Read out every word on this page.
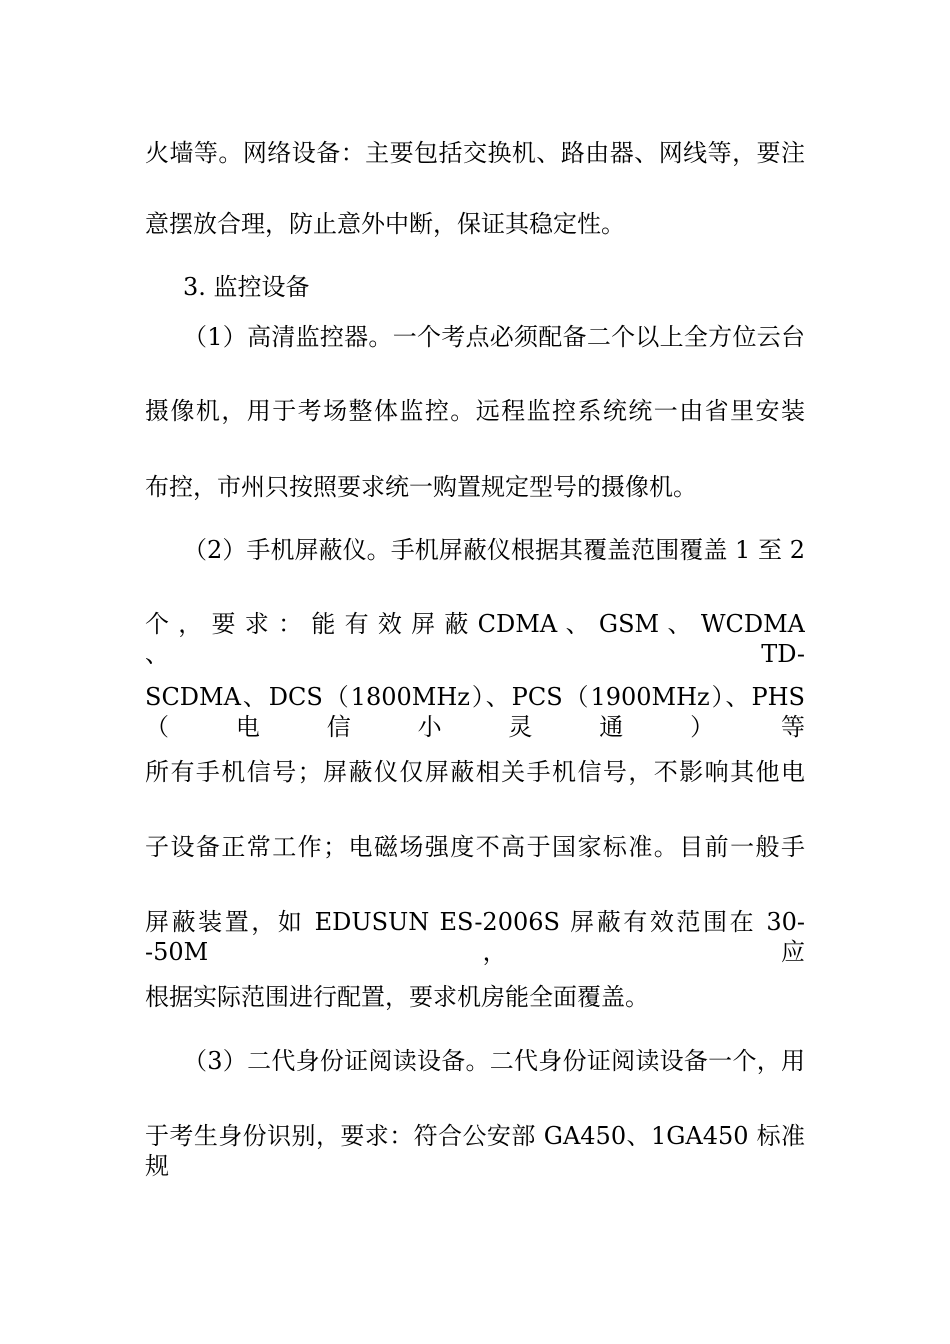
火墙等。网络设备：主要包括交换机、路由器、网线等，要注
意摆放合理，防止意外中断，保证其稳定性。
3. 监控设备
（1）高清监控器。一个考点必须配备二个以上全方位云台
摄像机，用于考场整体监控。远程监控系统统一由省里安装
布控，市州只按照要求统一购置规定型号的摄像机。
（2）手机屏蔽仪。手机屏蔽仪根据其覆盖范围覆盖 1 至 2
个 ， 要 求 ： 能 有 效 屏 蔽 CDMA 、 GSM 、 WCDMA 、 TD-
SCDMA、DCS（1800MHz）、PCS（1900MHz）、PHS（电信小灵通）等
所有手机信号；屏蔽仪仅屏蔽相关手机信号，不影响其他电
子设备正常工作；电磁场强度不高于国家标准。目前一般手
屏蔽装置，如 EDUSUN ES-2006S 屏蔽有效范围在 30--50M，应
根据实际范围进行配置，要求机房能全面覆盖。
（3）二代身份证阅读设备。二代身份证阅读设备一个，用
于考生身份识别，要求：符合公安部 GA450、1GA450 标准规
